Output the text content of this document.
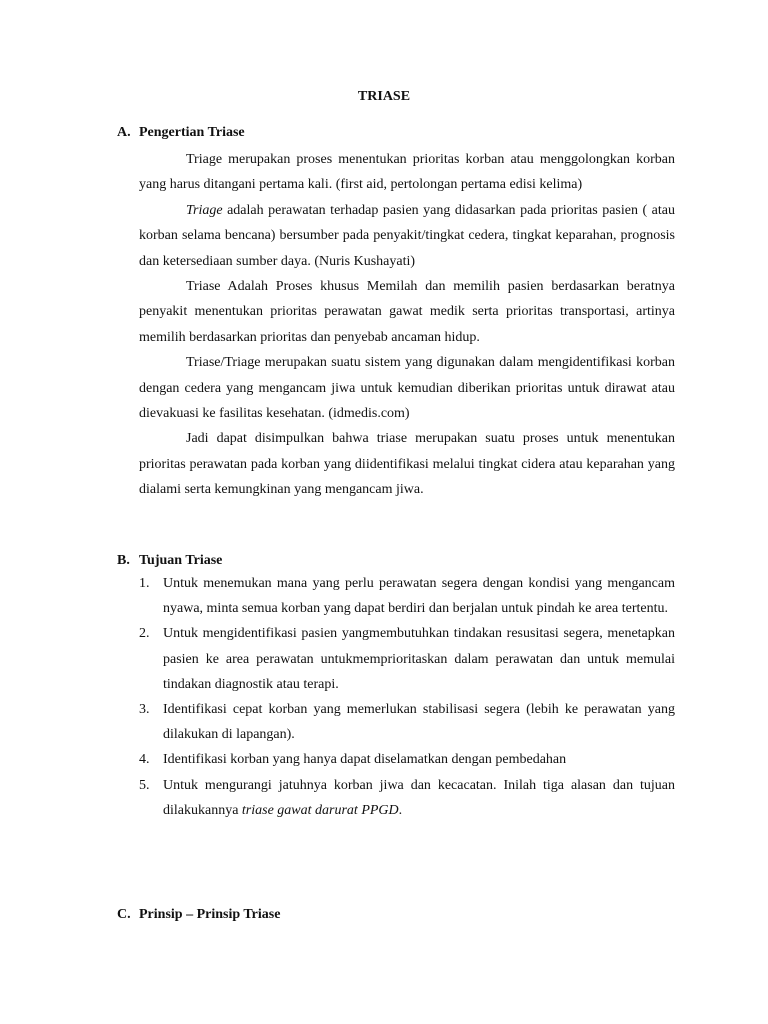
TRIASE
A. Pengertian Triase

Triage merupakan proses menentukan prioritas korban atau menggolongkan korban yang harus ditangani pertama kali. (first aid, pertolongan pertama edisi kelima)

Triage adalah perawatan terhadap pasien yang didasarkan pada prioritas pasien ( atau korban selama bencana) bersumber pada penyakit/tingkat cedera, tingkat keparahan, prognosis dan ketersediaan sumber daya. (Nuris Kushayati)

Triase Adalah Proses khusus Memilah dan memilih pasien berdasarkan beratnya penyakit menentukan prioritas perawatan gawat medik serta prioritas transportasi, artinya memilih berdasarkan prioritas dan penyebab ancaman hidup.

Triase/Triage merupakan suatu sistem yang digunakan dalam mengidentifikasi korban dengan cedera yang mengancam jiwa untuk kemudian diberikan prioritas untuk dirawat atau dievakuasi ke fasilitas kesehatan. (idmedis.com)

Jadi dapat disimpulkan bahwa triase merupakan suatu proses untuk menentukan prioritas perawatan pada korban yang diidentifikasi melalui tingkat cidera atau keparahan yang dialami serta kemungkinan yang mengancam jiwa.

B. Tujuan Triase
1. Untuk menemukan mana yang perlu perawatan segera dengan kondisi yang mengancam nyawa, minta semua korban yang dapat berdiri dan berjalan untuk pindah ke area tertentu.
2. Untuk mengidentifikasi pasien yangmembutuhkan tindakan resusitasi segera, menetapkan pasien ke area perawatan untukmemprioritaskan dalam perawatan dan untuk memulai tindakan diagnostik atau terapi.
3. Identifikasi cepat korban yang memerlukan stabilisasi segera (lebih ke perawatan yang dilakukan di lapangan).
4. Identifikasi korban yang hanya dapat diselamatkan dengan pembedahan
5. Untuk mengurangi jatuhnya korban jiwa dan kecacatan. Inilah tiga alasan dan tujuan dilakukannya triase gawat darurat PPGD.
C. Prinsip – Prinsip Triase
